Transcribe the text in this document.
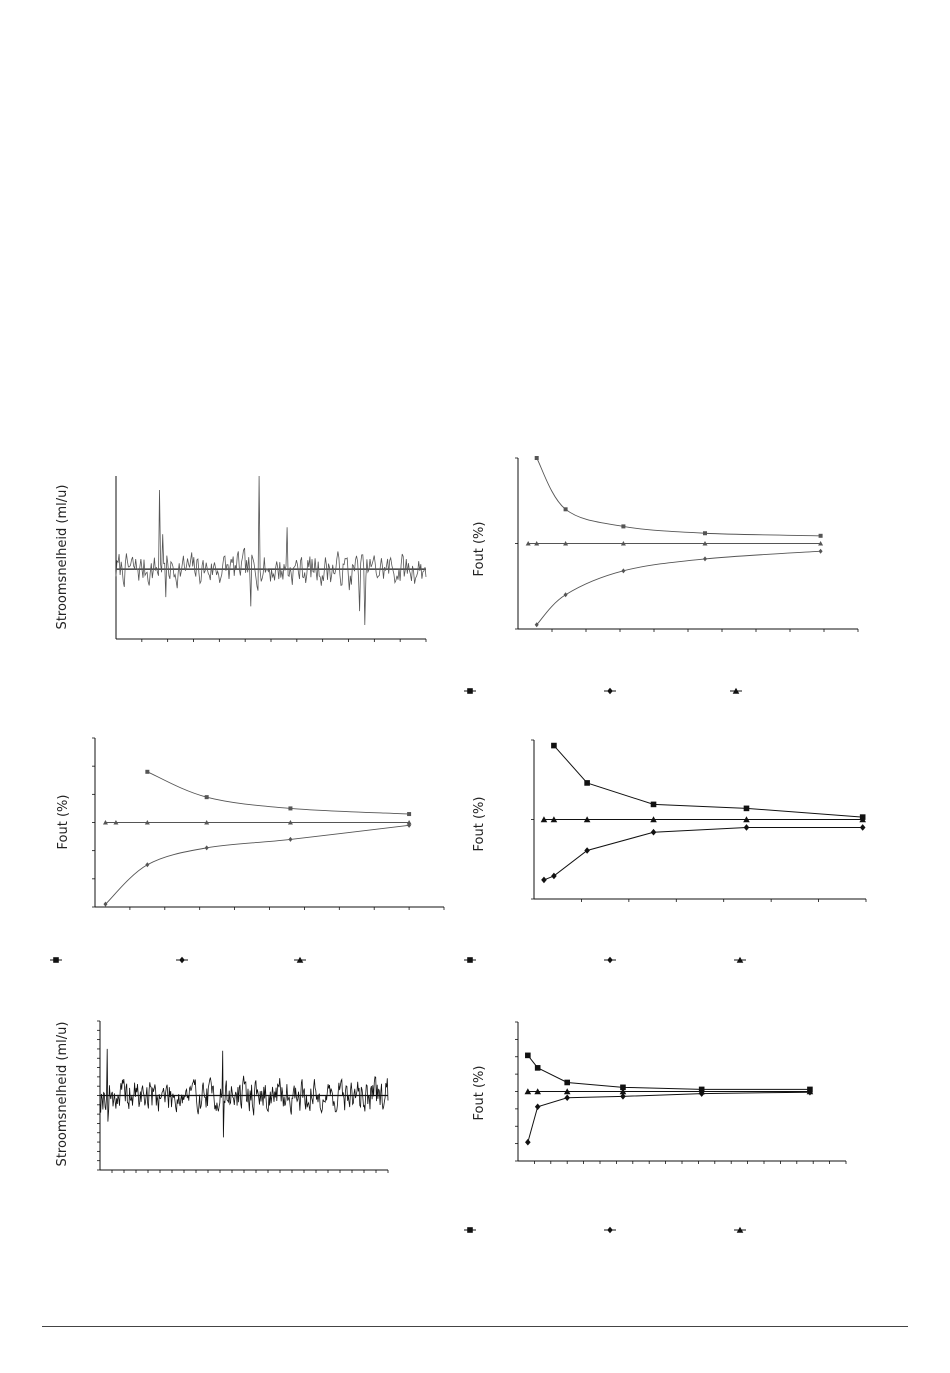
Stroomsnelheid (ml/u)	Fout (%)
Fout (%)	Fout (%)
Stroomsnelheid (ml/u)	Fout (%)
